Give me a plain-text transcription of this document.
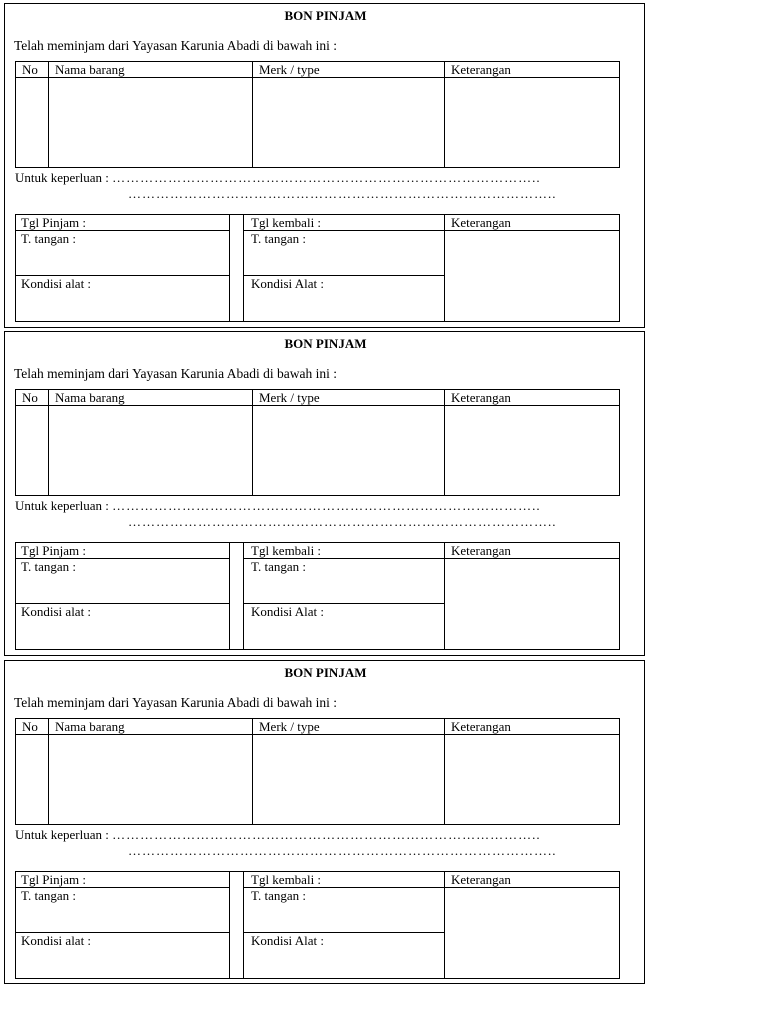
BON PINJAM
Telah meminjam dari Yayasan Karunia Abadi di bawah ini :
No Nama barang	Merk / type	Keterangan
Untuk keperluan : ………………………………………………………………………………..
………………………………………………………………………………..
Tgl Pinjam :
T. tangan :
Kondisi alat :
Tgl kembali :
T. tangan :
Kondisi Alat :
Keterangan
BON PINJAM
Telah meminjam dari Yayasan Karunia Abadi di bawah ini :
No Nama barang	Merk / type	Keterangan
Untuk keperluan : ………………………………………………………………………………..
………………………………………………………………………………..
Tgl Pinjam :
T. tangan :
Kondisi alat :
Tgl kembali :
T. tangan :
Kondisi Alat :
Keterangan
BON PINJAM
Telah meminjam dari Yayasan Karunia Abadi di bawah ini :
No Nama barang	Merk / type	Keterangan
Untuk keperluan : ………………………………………………………………………………..
………………………………………………………………………………..
Tgl Pinjam :
T. tangan :
Kondisi alat :
Tgl kembali :
T. tangan :
Kondisi Alat :
Keterangan
